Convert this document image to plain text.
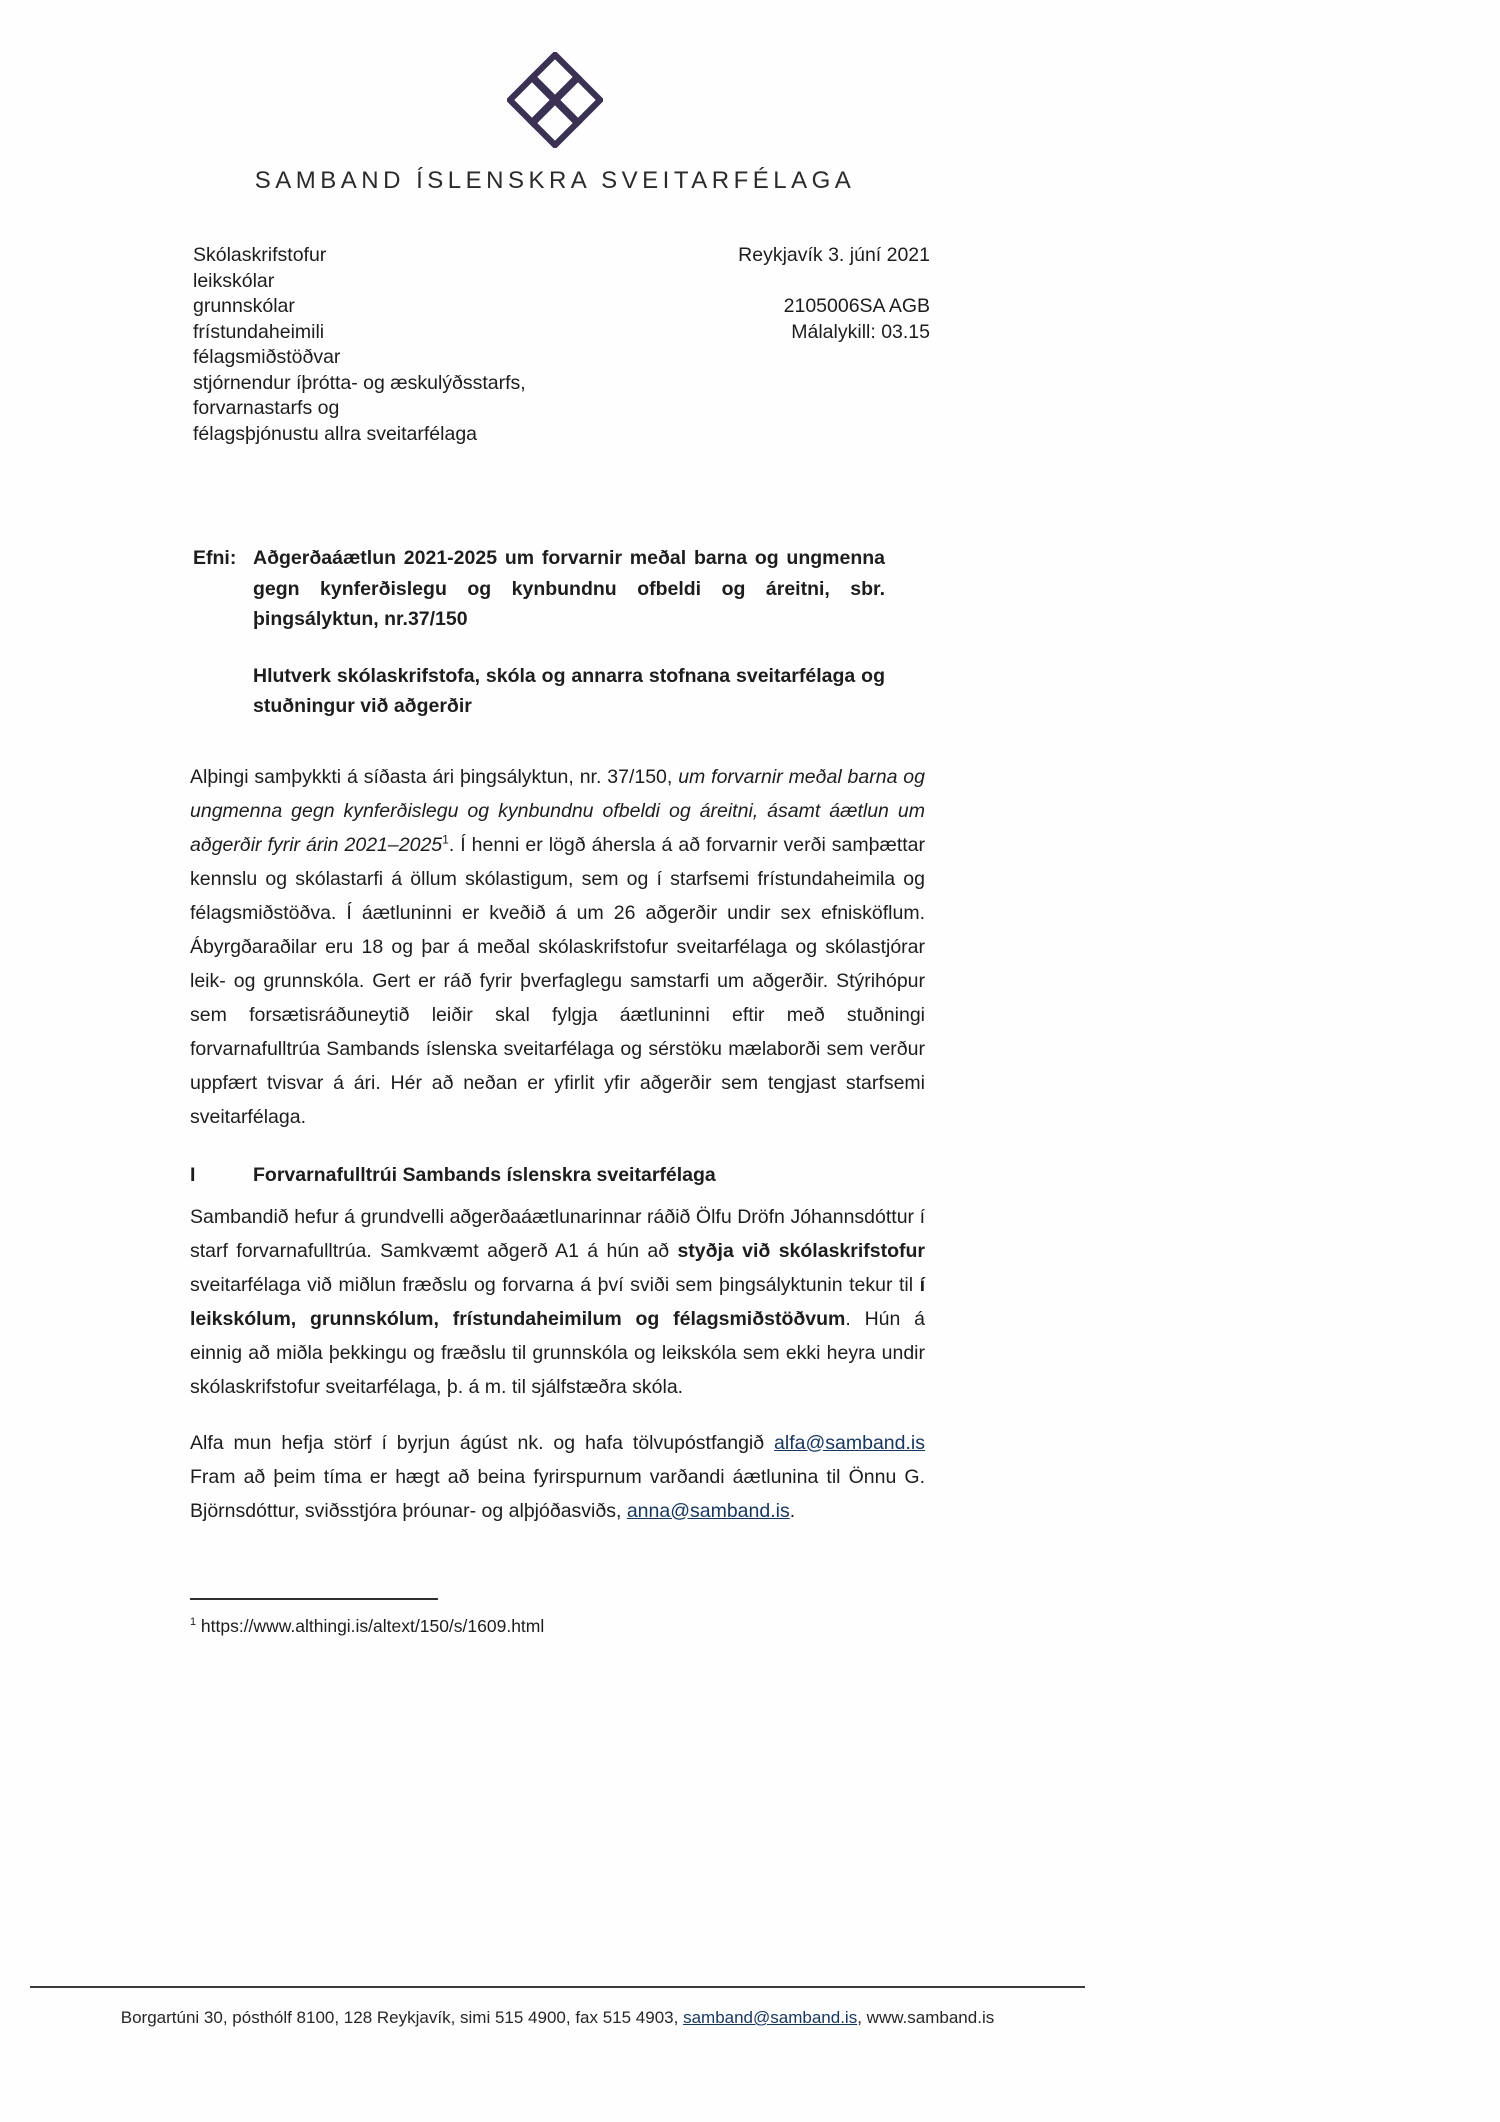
SAMBAND ÍSLENSKRA SVEITARFÉLAGA
Skólaskrifstofur
leikskólar
grunnskólar
frístundaheimili
félagsmiðstöðvar
stjórnendur íþrótta- og æskulýðsstarfs,
forvarnastarfs og
félagsþjónustu allra sveitarfélaga
Reykjavík 3. júní 2021
2105006SA AGB
Málalykill: 03.15
Efni: Aðgerðaáætlun 2021-2025 um forvarnir meðal barna og ungmenna gegn kynferðislegu og kynbundnu ofbeldi og áreitni, sbr. þingsályktun, nr.37/150
Hlutverk skólaskrifstofa, skóla og annarra stofnana sveitarfélaga og stuðningur við aðgerðir

Alþingi samþykkti á síðasta ári þingsályktun, nr. 37/150, um forvarnir meðal barna og ungmenna gegn kynferðislegu og kynbundnu ofbeldi og áreitni, ásamt áætlun um aðgerðir fyrir árin 2021–2025$^1$. Í henni er lögð áhersla á að forvarnir verði samþættar kennslu og skólastarfi á öllum skólastigum, sem og í starfsemi frístundaheimila og félagsmiðstöðva. Í áætluninni er kveðið á um 26 aðgerðir undir sex efnisköflum. Ábyrgðaraðilar eru 18 og þar á meðal skólaskrifstofur sveitarfélaga og skólastjórar leik- og grunnskóla. Gert er ráð fyrir þverfaglegu samstarfi um aðgerðir. Stýrihópur sem forsætisráðuneytið leiðir skal fylgja áætluninni eftir með stuðningi forvarnafulltrúa Sambands íslenska sveitarfélaga og sérstöku mælaborði sem verður uppfært tvisvar á ári. Hér að neðan er yfirlit yfir aðgerðir sem tengjast starfsemi sveitarfélaga.

I	Forvarnafulltrúi Sambands íslenskra sveitarfélaga

Sambandið hefur á grundvelli aðgerðaáætlunarinnar ráðið Ölfu Dröfn Jóhannsdóttur í starf forvarnafulltrúa. Samkvæmt aðgerð A1 á hún að styðja við skólaskrifstofur sveitarfélaga við miðlun fræðslu og forvarna á því sviði sem þingsályktunin tekur til í leikskólum, grunnskólum, frístundaheimilum og félagsmiðstöðvum. Hún á einnig að miðla þekkingu og fræðslu til grunnskóla og leikskóla sem ekki heyra undir skólaskrifstofur sveitarfélaga, þ. á m. til sjálfstæðra skóla.

Alfa mun hefja störf í byrjun ágúst nk. og hafa tölvupóstfangið alfa@samband.is Fram að þeim tíma er hægt að beina fyrirspurnum varðandi áætlunina til Önnu G. Björnsdóttur, sviðsstjóra þróunar- og alþjóðasviðs, anna@samband.is.

$^1$ https://www.althingi.is/altext/150/s/1609.html
Borgartúni 30, pósthólf 8100, 128 Reykjavík, simi 515 4900, fax 515 4903, samband@samband.is, www.samband.is
